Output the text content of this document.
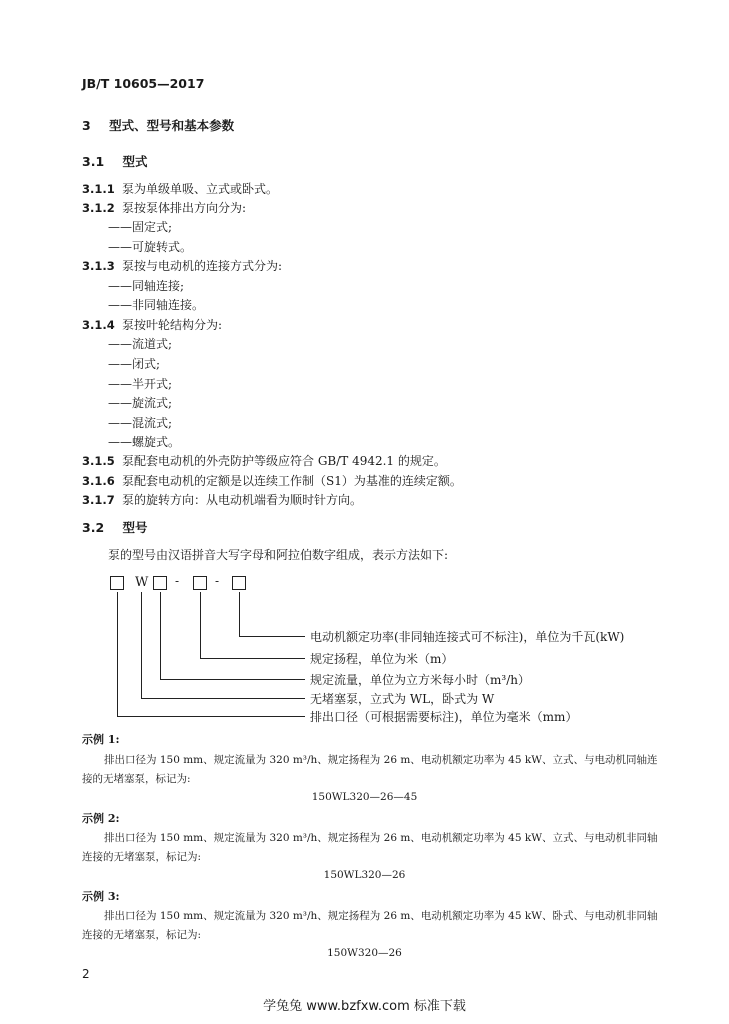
JB/T 10605—2017
3 型式、型号和基本参数
3.1 型式
3.1.1 泵为单级单吸、立式或卧式。
3.1.2 泵按泵体排出方向分为:
——固定式;
——可旋转式。
3.1.3 泵按与电动机的连接方式分为:
——同轴连接;
——非同轴连接。
3.1.4 泵按叶轮结构分为:
——流道式;
——闭式;
——半开式;
——旋流式;
——混流式;
——螺旋式。
3.1.5 泵配套电动机的外壳防护等级应符合 GB/T 4942.1 的规定。
3.1.6 泵配套电动机的定额是以连续工作制（S1）为基准的连续定额。
3.1.7 泵的旋转方向：从电动机端看为顺时针方向。
3.2 型号
泵的型号由汉语拼音大写字母和阿拉伯数字组成，表示方法如下:
W -	-
电动机额定功率(非同轴连接式可不标注)，单位为千瓦(kW)
规定扬程，单位为米（m）
规定流量，单位为立方米每小时（m³/h）
无堵塞泵，立式为 WL，卧式为 W
排出口径（可根据需要标注)，单位为毫米（mm）
示例 1:
排出口径为 150 mm、规定流量为 320 m³/h、规定扬程为 26 m、电动机额定功率为 45 kW、立式、与电动机同轴连
接的无堵塞泵，标记为:
150WL320—26—45
示例 2:
排出口径为 150 mm、规定流量为 320 m³/h、规定扬程为 26 m、电动机额定功率为 45 kW、立式、与电动机非同轴
连接的无堵塞泵，标记为:
150WL320—26
示例 3:
排出口径为 150 mm、规定流量为 320 m³/h、规定扬程为 26 m、电动机额定功率为 45 kW、卧式、与电动机非同轴
连接的无堵塞泵，标记为:
150W320—26
2
学兔兔 www.bzfxw.com 标准下载
